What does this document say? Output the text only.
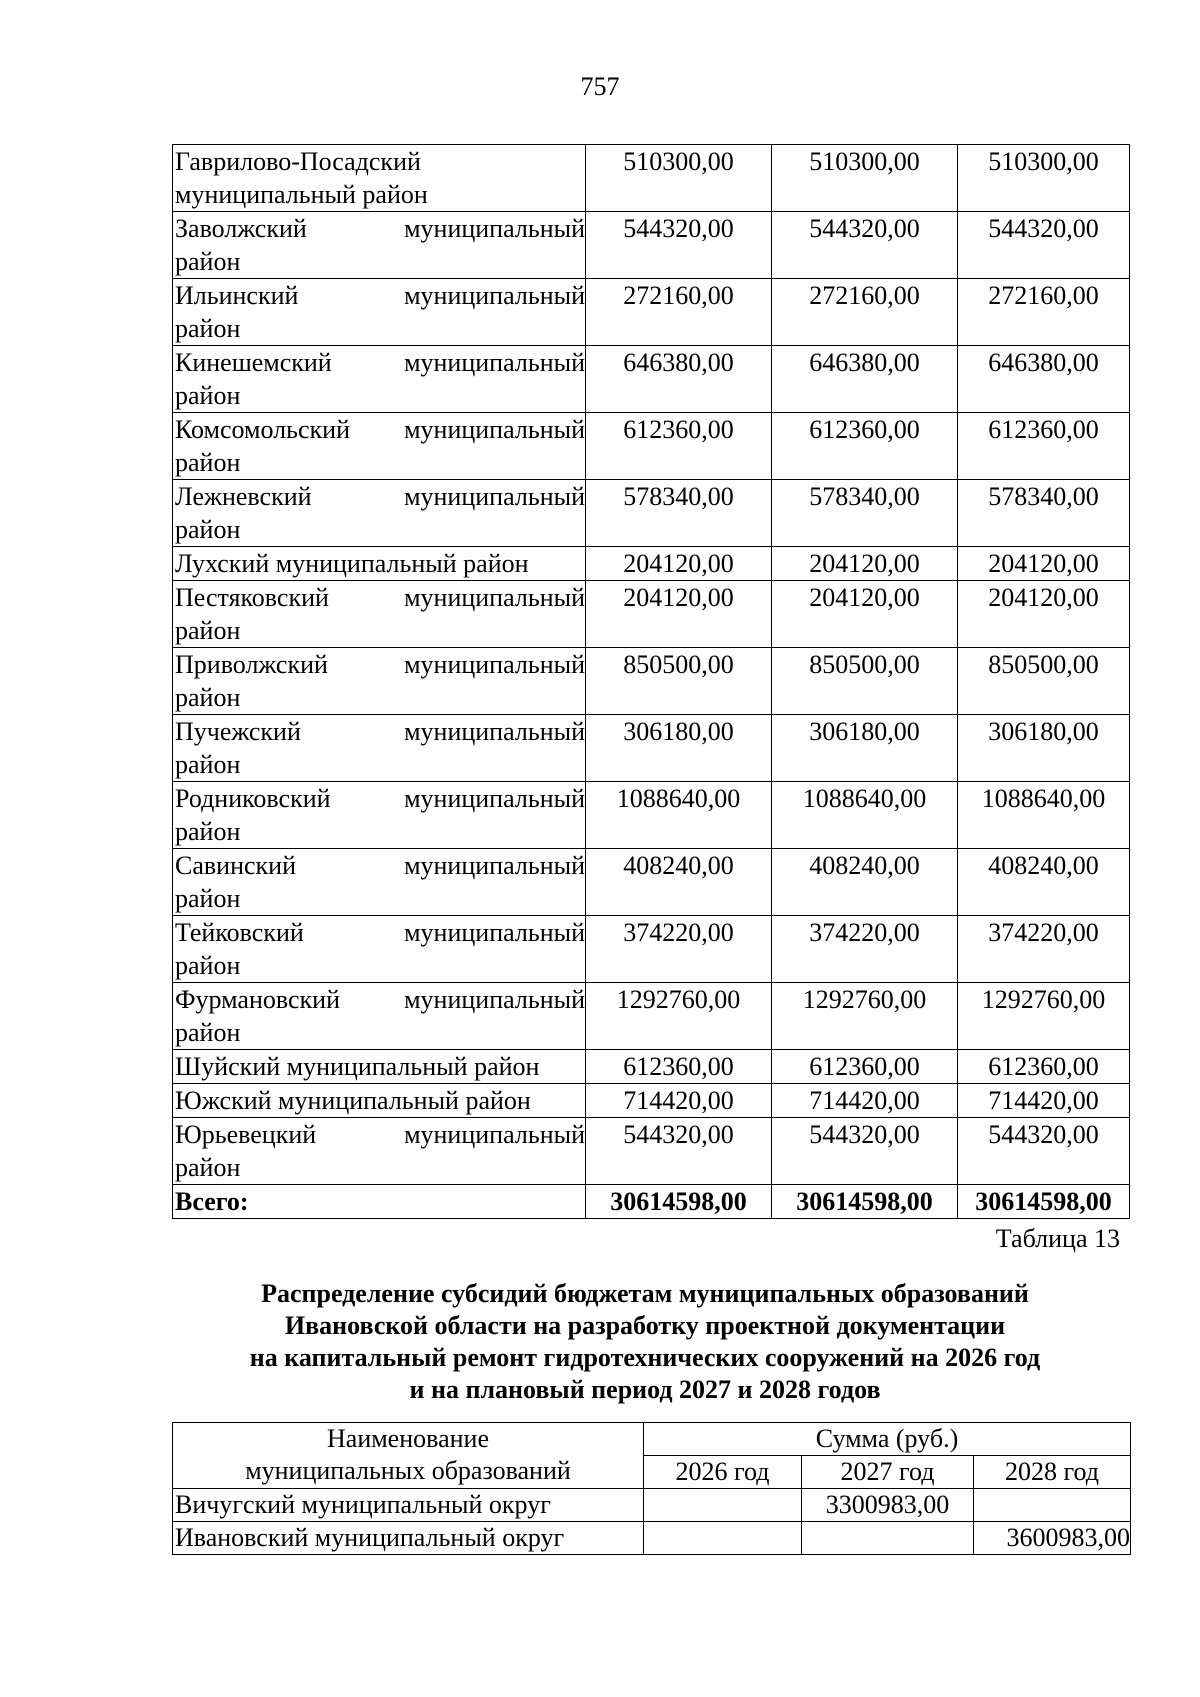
757
Гаврилово-Посадский
муниципальный район	510300,00	510300,00	510300,00

Заволжский муниципальный
район	544320,00	544320,00	544320,00

Ильинский муниципальный
район	272160,00	272160,00	272160,00

Кинешемский муниципальный
район	646380,00	646380,00	646380,00

Комсомольский муниципальный
район	612360,00	612360,00	612360,00

Лежневский муниципальный
район	578340,00	578340,00	578340,00

Лухский муниципальный район	204120,00	204120,00	204120,00

Пестяковский муниципальный
район	204120,00	204120,00	204120,00

Приволжский муниципальный
район	850500,00	850500,00	850500,00

Пучежский муниципальный
район	306180,00	306180,00	306180,00

Родниковский муниципальный
район	1088640,00	1088640,00	1088640,00

Савинский муниципальный
район	408240,00	408240,00	408240,00

Тейковский муниципальный
район	374220,00	374220,00	374220,00

Фурмановский муниципальный
район	1292760,00	1292760,00	1292760,00

Шуйский муниципальный район	612360,00	612360,00	612360,00

Южский муниципальный район	714420,00	714420,00	714420,00

Юрьевецкий муниципальный
район	544320,00	544320,00	544320,00
Всего:	30614598,00	30614598,00	30614598,00
Таблица 13
Распределение субсидий бюджетам муниципальных образований
Ивановской области на разработку проектной документации
на капитальный ремонт гидротехнических сооружений на 2026 год
и на плановый период 2027 и 2028 годов
Наименование
муниципальных образований	Сумма (руб.)		
	2026 год	2027 год	2028 год
Вичугский муниципальный округ		3300983,00	
Ивановский муниципальный округ			3600983,00
